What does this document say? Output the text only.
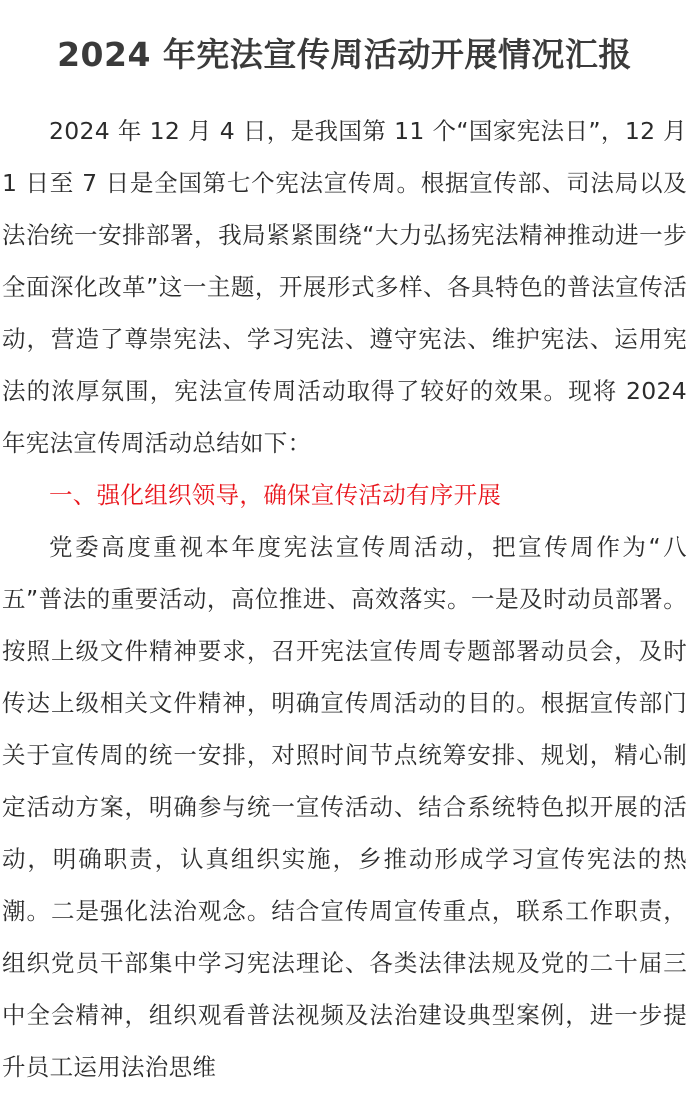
2024 年宪法宣传周活动开展情况汇报

2024 年 12 月 4 日，是我国第 11 个“国家宪法日”，12 月 1 日至 7 日是全国第七个宪法宣传周。根据宣传部、司法局以及法治统一安排部署，我局紧紧围绕“大力弘扬宪法精神推动进一步全面深化改革”这一主题，开展形式多样、各具特色的普法宣传活动，营造了尊崇宪法、学习宪法、遵守宪法、维护宪法、运用宪法的浓厚氛围，宪法宣传周活动取得了较好的效果。现将 2024 年宪法宣传周活动总结如下：

一、强化组织领导，确保宣传活动有序开展

党委高度重视本年度宪法宣传周活动，把宣传周作为“八五”普法的重要活动，高位推进、高效落实。一是及时动员部署。按照上级文件精神要求，召开宪法宣传周专题部署动员会，及时传达上级相关文件精神，明确宣传周活动的目的。根据宣传部门关于宣传周的统一安排，对照时间节点统筹安排、规划，精心制定活动方案，明确参与统一宣传活动、结合系统特色拟开展的活动，明确职责，认真组织实施，乡推动形成学习宣传宪法的热潮。二是强化法治观念。结合宣传周宣传重点，联系工作职责，组织党员干部集中学习宪法理论、各类法律法规及党的二十届三中全会精神，组织观看普法视频及法治建设典型案例，进一步提升员工运用法治思维
